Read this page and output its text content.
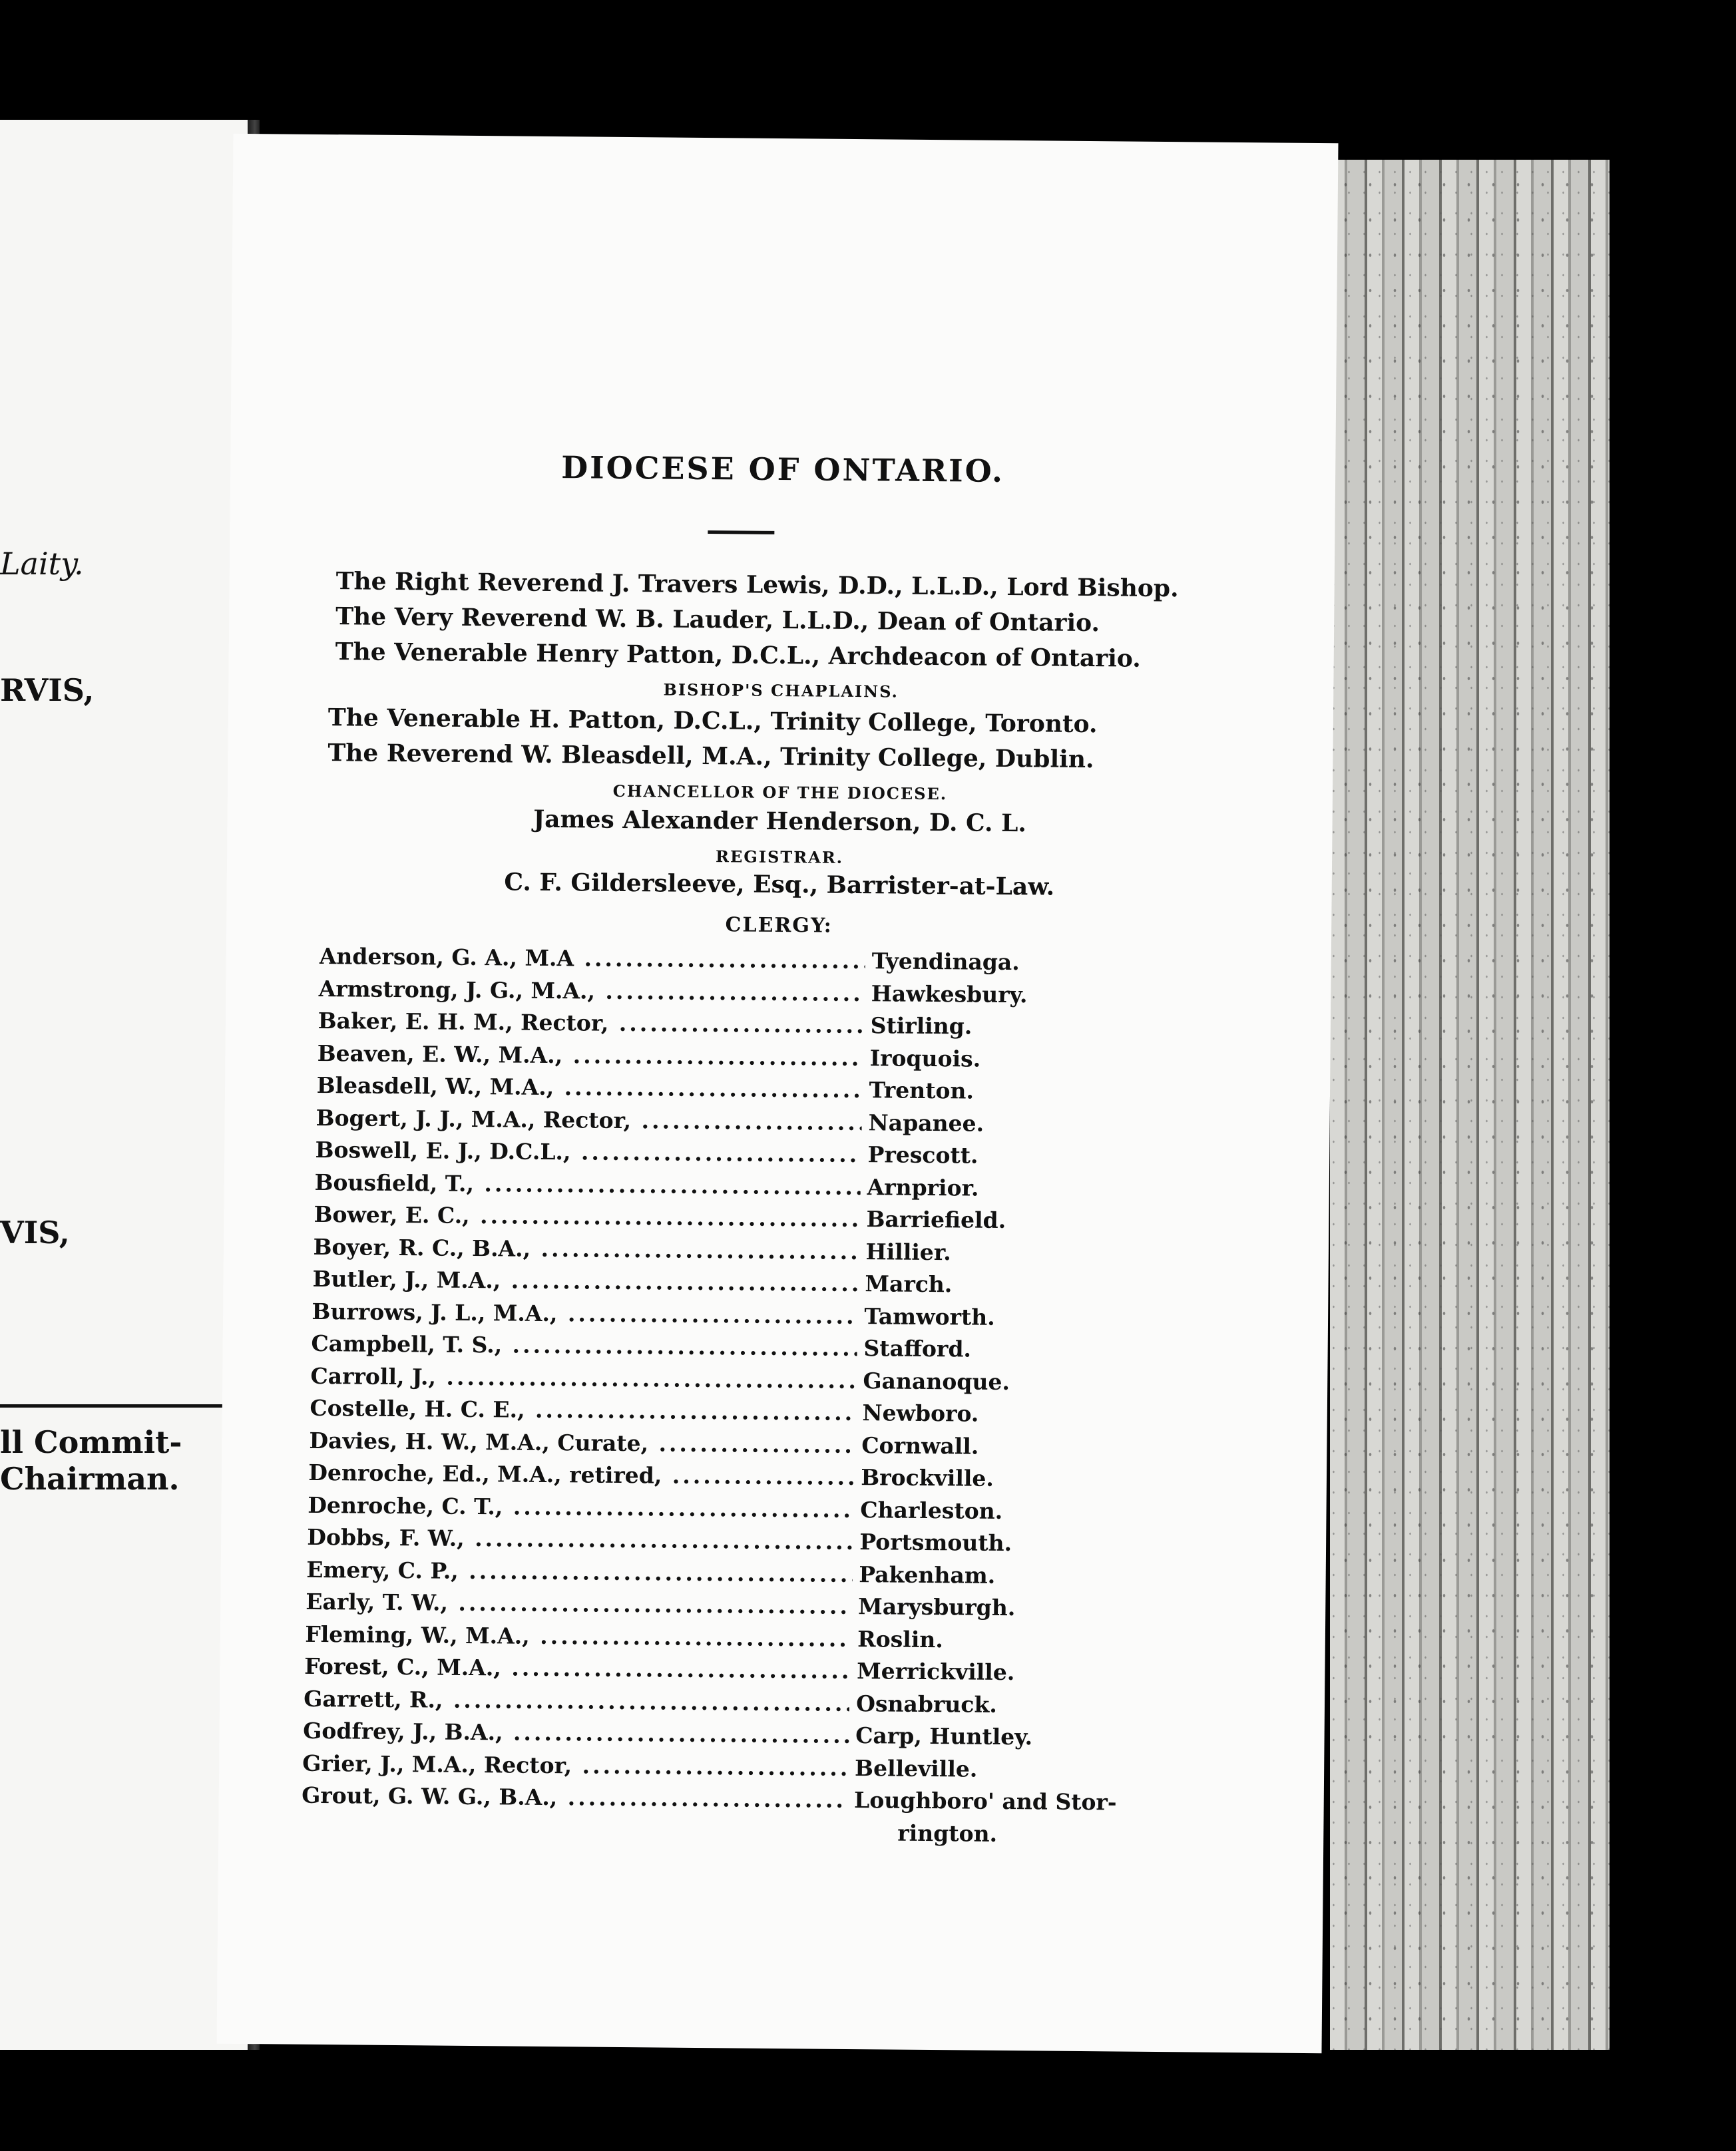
Laity.
RVIS,
VIS,
ll Commit-
Chairman.
DIOCESE OF ONTARIO.
The Right Reverend J. Travers Lewis, D.D., L.L.D., Lord Bishop.
The Very Reverend W. B. Lauder, L.L.D., Dean of Ontario.
The Venerable Henry Patton, D.C.L., Archdeacon of Ontario.
BISHOP'S CHAPLAINS.
The Venerable H. Patton, D.C.L., Trinity College, Toronto.
The Reverend W. Bleasdell, M.A., Trinity College, Dublin.
CHANCELLOR OF THE DIOCESE.
James Alexander Henderson, D. C. L.
REGISTRAR.
C. F. Gildersleeve, Esq., Barrister-at-Law.
CLERGY:
Anderson, G. A., M.A .....	Tyendinaga.
Armstrong, J. G., M.A., .....	Hawkesbury.
Baker, E. H. M., Rector, .....	Stirling.
Beaven, E. W., M.A., .....	Iroquois.
Bleasdell, W., M.A., .....	Trenton.
Bogert, J. J., M.A., Rector, .....	Napanee.
Boswell, E. J., D.C.L., .....	Prescott.
Bousfield, T., .....	Arnprior.
Bower, E. C., .....	Barriefield.
Boyer, R. C., B.A., .....	Hillier.
Butler, J., M.A., .....	March.
Burrows, J. L., M.A., .....	Tamworth.
Campbell, T. S., .....	Stafford.
Carroll, J., .....	Gananoque.
Costelle, H. C. E., .....	Newboro.
Davies, H. W., M.A., Curate, .....	Cornwall.
Denroche, Ed., M.A., retired, .....	Brockville.
Denroche, C. T., .....	Charleston.
Dobbs, F. W., .....	Portsmouth.
Emery, C. P., .....	Pakenham.
Early, T. W., .....	Marysburgh.
Fleming, W., M.A., .....	Roslin.
Forest, C., M.A., .....	Merrickville.
Garrett, R., .....	Osnabruck.
Godfrey, J., B.A., .....	Carp, Huntley.
Grier, J., M.A., Rector, .....	Belleville.
Grout, G. W. G., B.A., .....	Loughboro' and Stor-
rington.
